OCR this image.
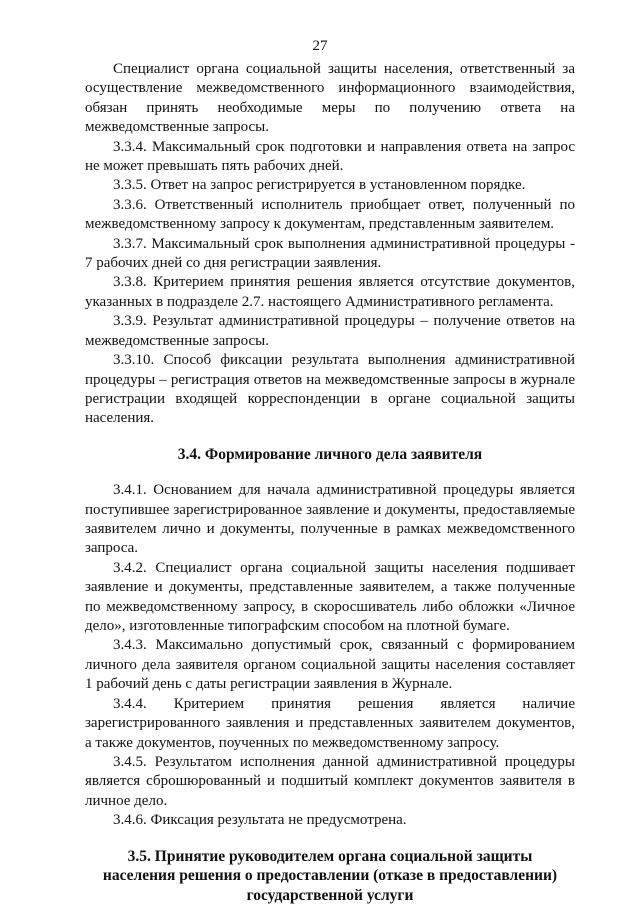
27

Специалист органа социальной защиты населения, ответственный за осуществление межведомственного информационного взаимодействия, обязан принять необходимые меры по получению ответа на межведомственные запросы.

3.3.4. Максимальный срок подготовки и направления ответа на запрос не может превышать пять рабочих дней.

3.3.5. Ответ на запрос регистрируется в установленном порядке.

3.3.6. Ответственный исполнитель приобщает ответ, полученный по межведомственному запросу к документам, представленным заявителем.

3.3.7. Максимальный срок выполнения административной процедуры - 7 рабочих дней со дня регистрации заявления.

3.3.8. Критерием принятия решения является отсутствие документов, указанных в подразделе 2.7. настоящего Административного регламента.

3.3.9. Результат административной процедуры – получение ответов на межведомственные запросы.

3.3.10. Способ фиксации результата выполнения административной процедуры – регистрация ответов на межведомственные запросы в журнале регистрации входящей корреспонденции в органе социальной защиты населения.

3.4. Формирование личного дела заявителя

3.4.1. Основанием для начала административной процедуры является поступившее зарегистрированное заявление и документы, предоставляемые заявителем лично и документы, полученные в рамках межведомственного запроса.

3.4.2. Специалист органа социальной защиты населения подшивает заявление и документы, представленные заявителем, а также полученные по межведомственному запросу, в скоросшиватель либо обложки «Личное дело», изготовленные типографским способом на плотной бумаге.

3.4.3. Максимально допустимый срок, связанный с формированием личного дела заявителя органом социальной защиты населения составляет 1 рабочий день с даты регистрации заявления в Журнале.

3.4.4. Критерием принятия решения является наличие зарегистрированного заявления и представленных заявителем документов, а также документов, поученных по межведомственному запросу.

3.4.5. Результатом исполнения данной административной процедуры является сброшюрованный и подшитый комплект документов заявителя в личное дело.

3.4.6. Фиксация результата не предусмотрена.

3.5. Принятие руководителем органа социальной защиты
населения решения о предоставлении (отказе в предоставлении)
государственной услуги
